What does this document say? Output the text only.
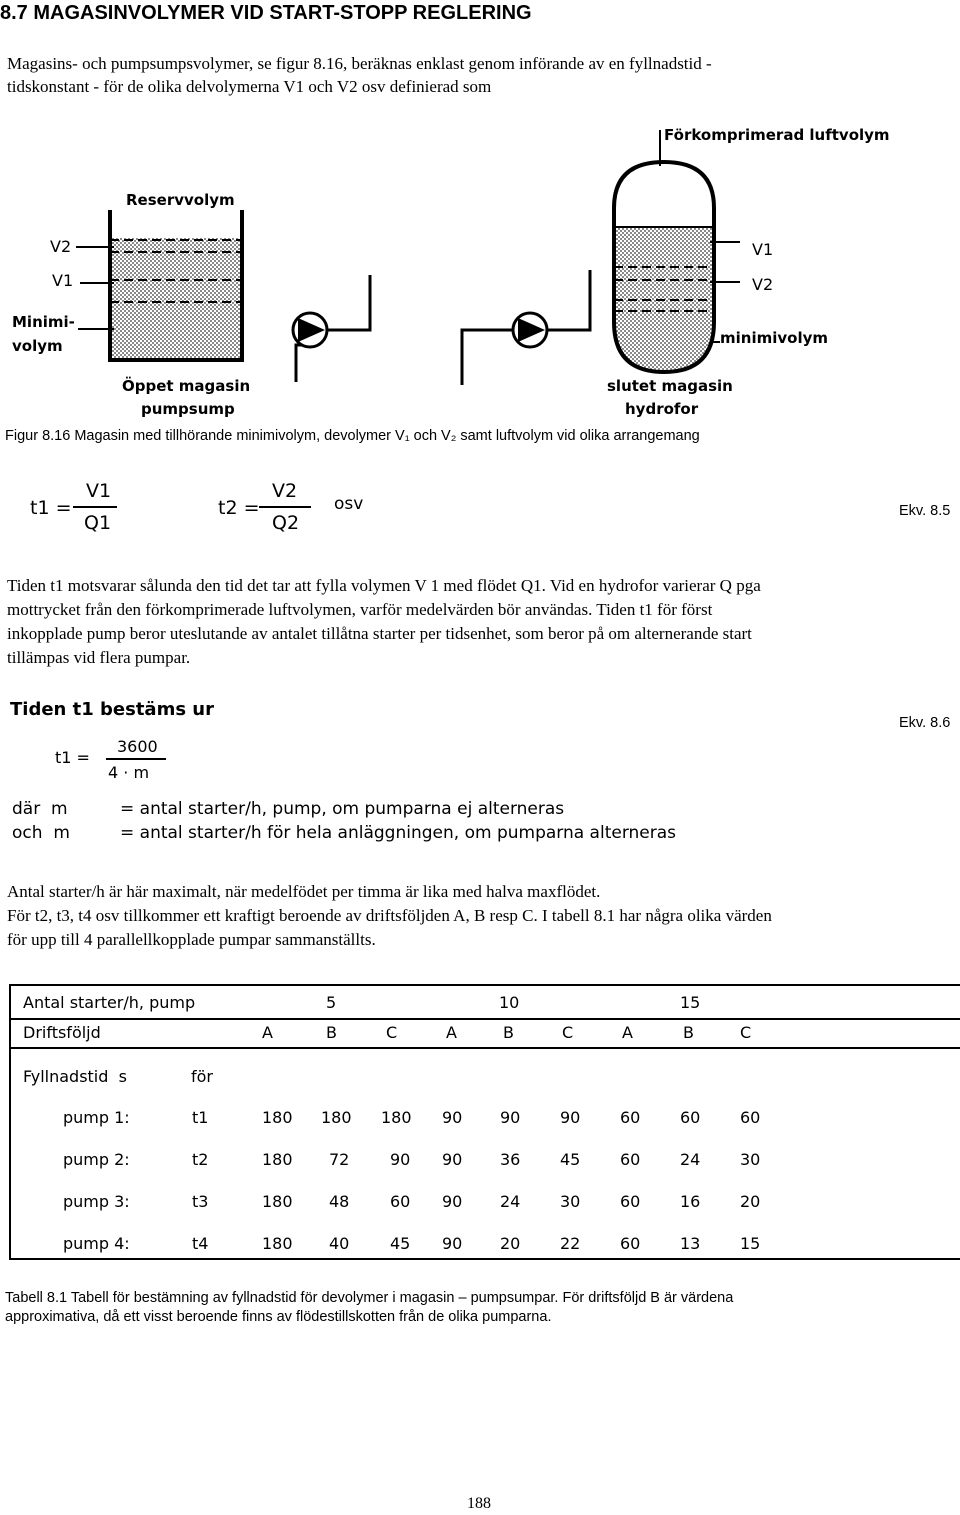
8.7 MAGASINVOLYMER VID START-STOPP REGLERING
Magasins- och pumpsumpsvolymer, se figur 8.16, beräknas enklast genom införande av en fyllnadstid -
tidskonstant - för de olika delvolymerna V1 och V2 osv definierad som
Förkomprimerad luftvolym
Reservvolym
V2
V1
Minimi-
volym
V1
V2
minimivolym
Öppet magasin
pumpsump
slutet magasin
hydrofor
Figur 8.16 Magasin med tillhörande minimivolym, devolymer V₁ och V₂ samt luftvolym vid olika arrangemang
t1 =
V1
Q1
t2 =
V2
Q2
osv	Ekv. 8.5
Tiden t1 motsvarar sålunda den tid det tar att fylla volymen V 1 med flödet Q1. Vid en hydrofor varierar Q pga
mottrycket från den förkomprimerade luftvolymen, varför medelvärden bör användas. Tiden t1 för först
inkopplade pump beror uteslutande av antalet tillåtna starter per tidsenhet, som beror på om alternerande start
tillämpas vid flera pumpar.
Tiden t1 bestäms ur
Ekv. 8.6
t1 =
3600
4 · m
där  m	= antal starter/h, pump, om pumparna ej alterneras
och  m	= antal starter/h för hela anläggningen, om pumparna alterneras
Antal starter/h är här maximalt, när medelfödet per timma är lika med halva maxflödet.
För t2, t3, t4 osv tillkommer ett kraftigt beroende av driftsföljden A, B resp C. I tabell 8.1 har några olika värden
för upp till 4 parallellkopplade pumpar sammanställts.
Antal starter/h, pump	5	10	15
Driftsföljd	A	B	C	A	B	C	A	B	C
Fyllnadstid  s	för
pump 1:	t1	180 180 180 90 90 90 60 60 60
pump 2:	t2	180 72	90 90 36 45 60 24 30
pump 3:	t3	180 48	60 90 24 30 60 16 20
pump 4:	t4	180 40	45 90 20 22 60 13 15
Tabell 8.1 Tabell för bestämning av fyllnadstid för devolymer i magasin – pumpsumpar. För driftsföljd B är värdena
approximativa, då ett visst beroende finns av flödestillskotten från de olika pumparna.
188
